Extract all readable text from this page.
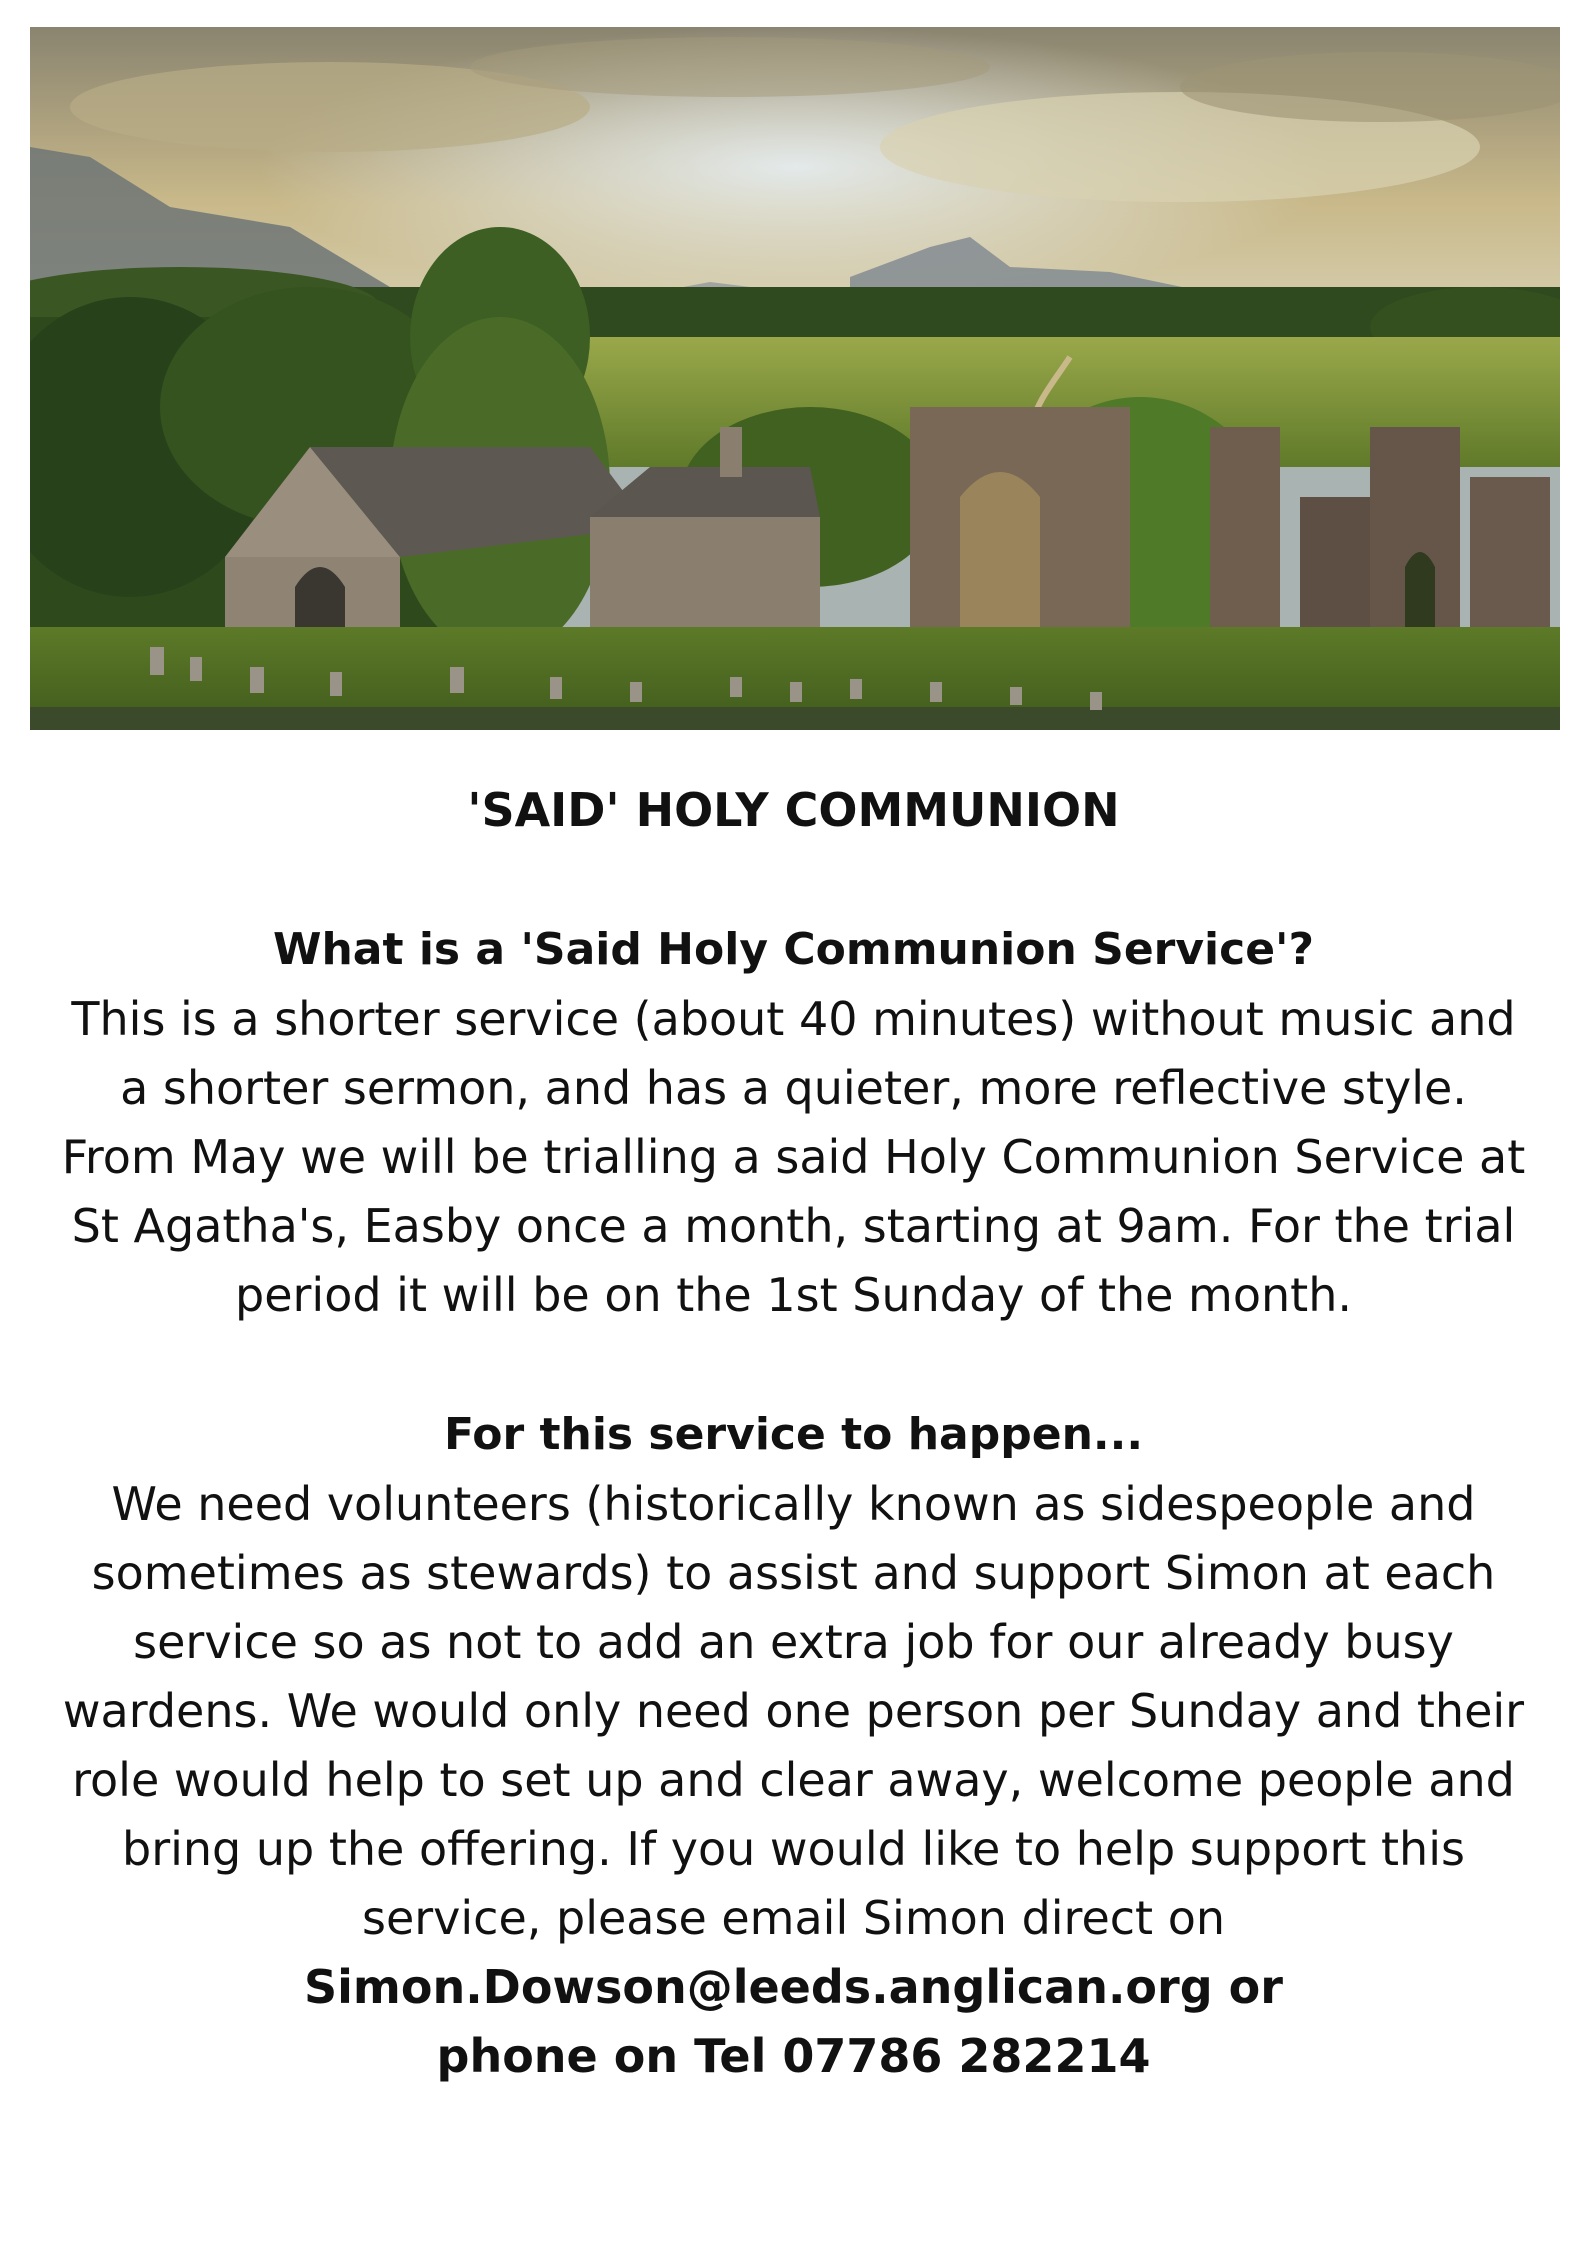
'SAID' HOLY COMMUNION

What is a 'Said Holy Communion Service'?

This is a shorter service (about 40 minutes) without music and

a shorter sermon, and has a quieter, more reflective style.

From May we will be trialling a said Holy Communion Service at

St Agatha's, Easby once a month, starting at 9am. For the trial

period it will be on the 1st Sunday of the month.

For this service to happen...

We need volunteers (historically known as sidespeople and

sometimes as stewards) to assist and support Simon at each

service so as not to add an extra job for our already busy

wardens. We would only need one person per Sunday and their

role would help to set up and clear away, welcome people and

bring up the offering. If you would like to help support this

service, please email Simon direct on

Simon.Dowson@leeds.anglican.org or

phone on Tel 07786 282214
